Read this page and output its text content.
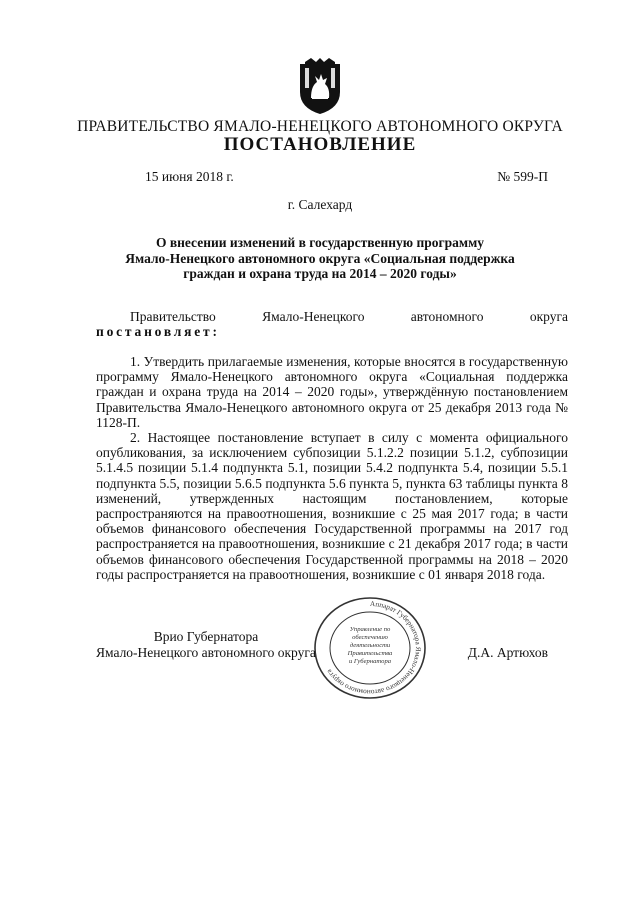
ПРАВИТЕЛЬСТВО ЯМАЛО-НЕНЕЦКОГО АВТОНОМНОГО ОКРУГА
ПОСТАНОВЛЕНИЕ
15 июня 2018 г.	№ 599-П
г. Салехард
О внесении изменений в государственную программу
Ямало-Ненецкого автономного округа «Социальная поддержка
граждан и охрана труда на 2014 – 2020 годы»
Правительство	Ямало-Ненецкого	автономного	округа
постановляет:

1. Утвердить прилагаемые изменения, которые вносятся в государственную программу Ямало-Ненецкого автономного округа «Социальная поддержка граждан и охрана труда на 2014 – 2020 годы», утверждённую постановлением Правительства Ямало-Ненецкого автономного округа от 25 декабря 2013 года № 1128-П.

2. Настоящее постановление вступает в силу с момента официального опубликования, за исключением субпозиции 5.1.2.2 позиции 5.1.2, субпозиции 5.1.4.5 позиции 5.1.4 подпункта 5.1, позиции 5.4.2 подпункта 5.4, позиции 5.5.1 подпункта 5.5, позиции 5.6.5 подпункта 5.6 пункта 5, пункта 63 таблицы пункта 8 изменений, утвержденных настоящим постановлением, которые распространяются на правоотношения, возникшие с 25 мая 2017 года; в части объемов финансового обеспечения Государственной программы на 2017 год распространяется на правоотношения, возникшие с 21 декабря 2017 года; в части объемов финансового обеспечения Государственной программы на 2018 – 2020 годы распространяется на правоотношения, возникшие с 01 января 2018 года.

Аппарат Губернатора Ямало-Ненецкого автономного округа
Управление по
обеспечению
деятельности
Правительства
и Губернатора
Врио Губернатора
Ямало-Ненецкого автономного округа	Д.А. Артюхов
